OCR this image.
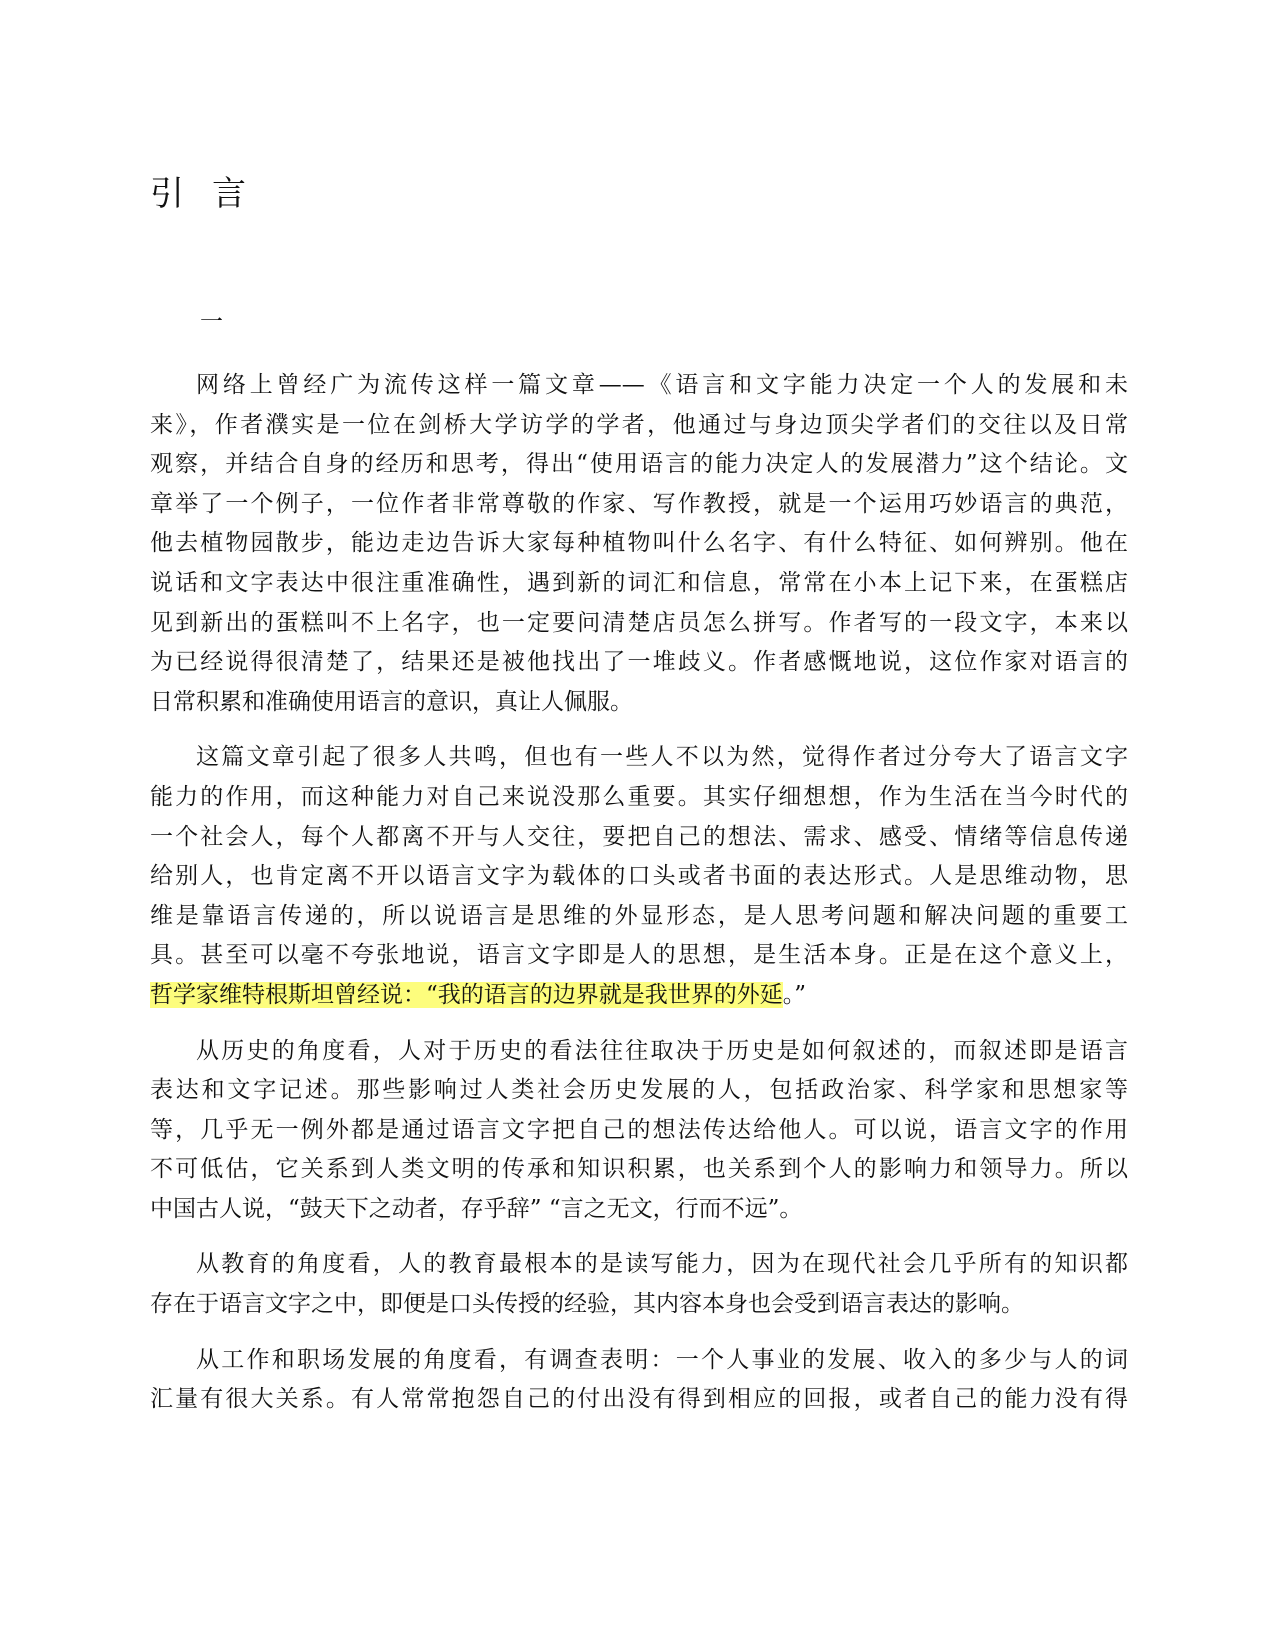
引言
一

网络上曾经广为流传这样一篇文章——《语言和文字能力决定一个人的发展和未
来》，作者濮实是一位在剑桥大学访学的学者，他通过与身边顶尖学者们的交往以及日常
观察，并结合自身的经历和思考，得出“使用语言的能力决定人的发展潜力”这个结论。文
章举了一个例子，一位作者非常尊敬的作家、写作教授，就是一个运用巧妙语言的典范，
他去植物园散步，能边走边告诉大家每种植物叫什么名字、有什么特征、如何辨别。他在
说话和文字表达中很注重准确性，遇到新的词汇和信息，常常在小本上记下来，在蛋糕店
见到新出的蛋糕叫不上名字，也一定要问清楚店员怎么拼写。作者写的一段文字，本来以
为已经说得很清楚了，结果还是被他找出了一堆歧义。作者感慨地说，这位作家对语言的
日常积累和准确使用语言的意识，真让人佩服。

这篇文章引起了很多人共鸣，但也有一些人不以为然，觉得作者过分夸大了语言文字
能力的作用，而这种能力对自己来说没那么重要。其实仔细想想，作为生活在当今时代的
一个社会人，每个人都离不开与人交往，要把自己的想法、需求、感受、情绪等信息传递
给别人，也肯定离不开以语言文字为载体的口头或者书面的表达形式。人是思维动物，思
维是靠语言传递的，所以说语言是思维的外显形态，是人思考问题和解决问题的重要工
具。甚至可以毫不夸张地说，语言文字即是人的思想，是生活本身。正是在这个意义上，
哲学家维特根斯坦曾经说：“我的语言的边界就是我世界的外延。”

从历史的角度看，人对于历史的看法往往取决于历史是如何叙述的，而叙述即是语言
表达和文字记述。那些影响过人类社会历史发展的人，包括政治家、科学家和思想家等
等，几乎无一例外都是通过语言文字把自己的想法传达给他人。可以说，语言文字的作用
不可低估，它关系到人类文明的传承和知识积累，也关系到个人的影响力和领导力。所以
中国古人说，“鼓天下之动者，存乎辞” “言之无文，行而不远”。

从教育的角度看，人的教育最根本的是读写能力，因为在现代社会几乎所有的知识都
存在于语言文字之中，即便是口头传授的经验，其内容本身也会受到语言表达的影响。

从工作和职场发展的角度看，有调查表明：一个人事业的发展、收入的多少与人的词
汇量有很大关系。有人常常抱怨自己的付出没有得到相应的回报，或者自己的能力没有得
